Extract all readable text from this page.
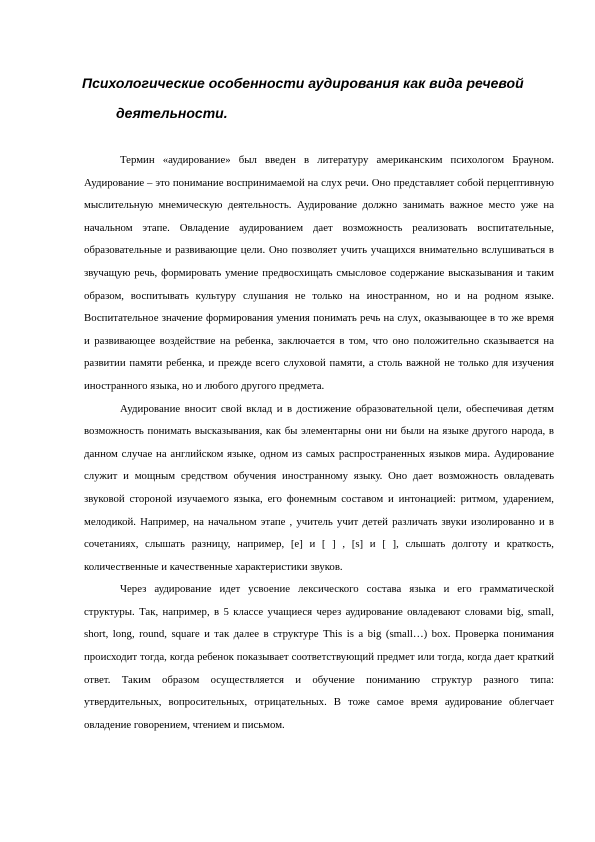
Психологические особенности аудирования как вида речевой
деятельности.

Термин «аудирование» был введен в литературу американским психологом Брауном. Аудирование – это понимание воспринимаемой на слух речи. Оно представляет собой перцептивную мыслительную мнемическую деятельность. Аудирование должно занимать важное место уже на начальном этапе. Овладение аудированием дает возможность реализовать воспитательные, образовательные и развивающие цели. Оно позволяет учить учащихся внимательно вслушиваться в звучащую речь, формировать умение предвосхищать смысловое содержание высказывания и таким образом, воспитывать культуру слушания не только на иностранном, но и на родном языке. Воспитательное значение формирования умения понимать речь на слух, оказывающее в то же время и развивающее воздействие на ребенка, заключается в том, что оно положительно сказывается на развитии памяти ребенка, и прежде всего слуховой памяти, а столь важной не только для изучения иностранного языка, но и любого другого предмета.

Аудирование вносит свой вклад и в достижение образовательной цели, обеспечивая детям возможность понимать высказывания, как бы элементарны они ни были на языке другого народа, в данном случае на английском языке, одном из самых распространенных языков мира. Аудирование служит и мощным средством обучения иностранному языку. Оно дает возможность овладевать звуковой стороной изучаемого языка, его фонемным составом и интонацией: ритмом, ударением, мелодикой. Например, на начальном этапе , учитель учит детей различать звуки изолированно и в сочетаниях, слышать разницу, например, [e] и [ ] , [s] и [ ], слышать долготу и краткость, количественные и качественные характеристики звуков.

Через аудирование идет усвоение лексического состава языка и его грамматической структуры. Так, например, в 5 классе учащиеся через аудирование овладевают словами big, small, short, long, round, square и так далее в структуре This is a big (small…) box. Проверка понимания происходит тогда, когда ребенок показывает соответствующий предмет или тогда, когда дает краткий ответ. Таким образом осуществляется и обучение пониманию структур разного типа: утвердительных, вопросительных, отрицательных. В тоже самое время аудирование облегчает овладение говорением, чтением и письмом.
